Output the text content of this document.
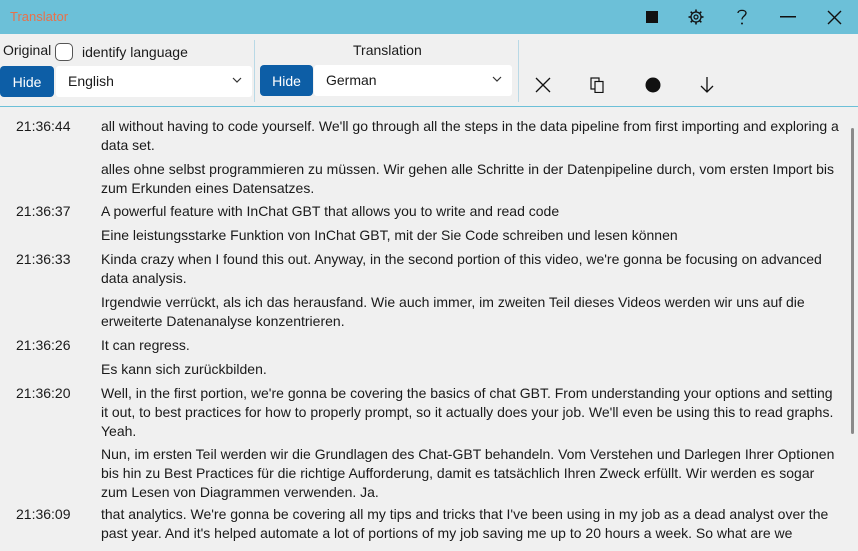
Translator
Original identify language
Hide	English
Translation
Hide	German
21:36:44 all without having to code yourself. We'll go through all the steps in the data pipeline from first importing and exploring a data set.
alles ohne selbst programmieren zu müssen. Wir gehen alle Schritte in der Datenpipeline durch, vom ersten Import bis zum Erkunden eines Datensatzes.
21:36:37 A powerful feature with InChat GBT that allows you to write and read code
Eine leistungsstarke Funktion von InChat GBT, mit der Sie Code schreiben und lesen können
21:36:33 Kinda crazy when I found this out. Anyway, in the second portion of this video, we're gonna be focusing on advanced data analysis.
Irgendwie verrückt, als ich das herausfand. Wie auch immer, im zweiten Teil dieses Videos werden wir uns auf die erweiterte Datenanalyse konzentrieren.
21:36:26 It can regress.
Es kann sich zurückbilden.
21:36:20 Well, in the first portion, we're gonna be covering the basics of chat GBT. From understanding your options and setting it out, to best practices for how to properly prompt, so it actually does your job. We'll even be using this to read graphs. Yeah.
Nun, im ersten Teil werden wir die Grundlagen des Chat-GBT behandeln. Vom Verstehen und Darlegen Ihrer Optionen bis hin zu Best Practices für die richtige Aufforderung, damit es tatsächlich Ihren Zweck erfüllt. Wir werden es sogar zum Lesen von Diagrammen verwenden. Ja.
21:36:09 that analytics. We're gonna be covering all my tips and tricks that I've been using in my job as a dead analyst over the past year. And it's helped automate a lot of portions of my job saving me up to 20 hours a week. So what are we
